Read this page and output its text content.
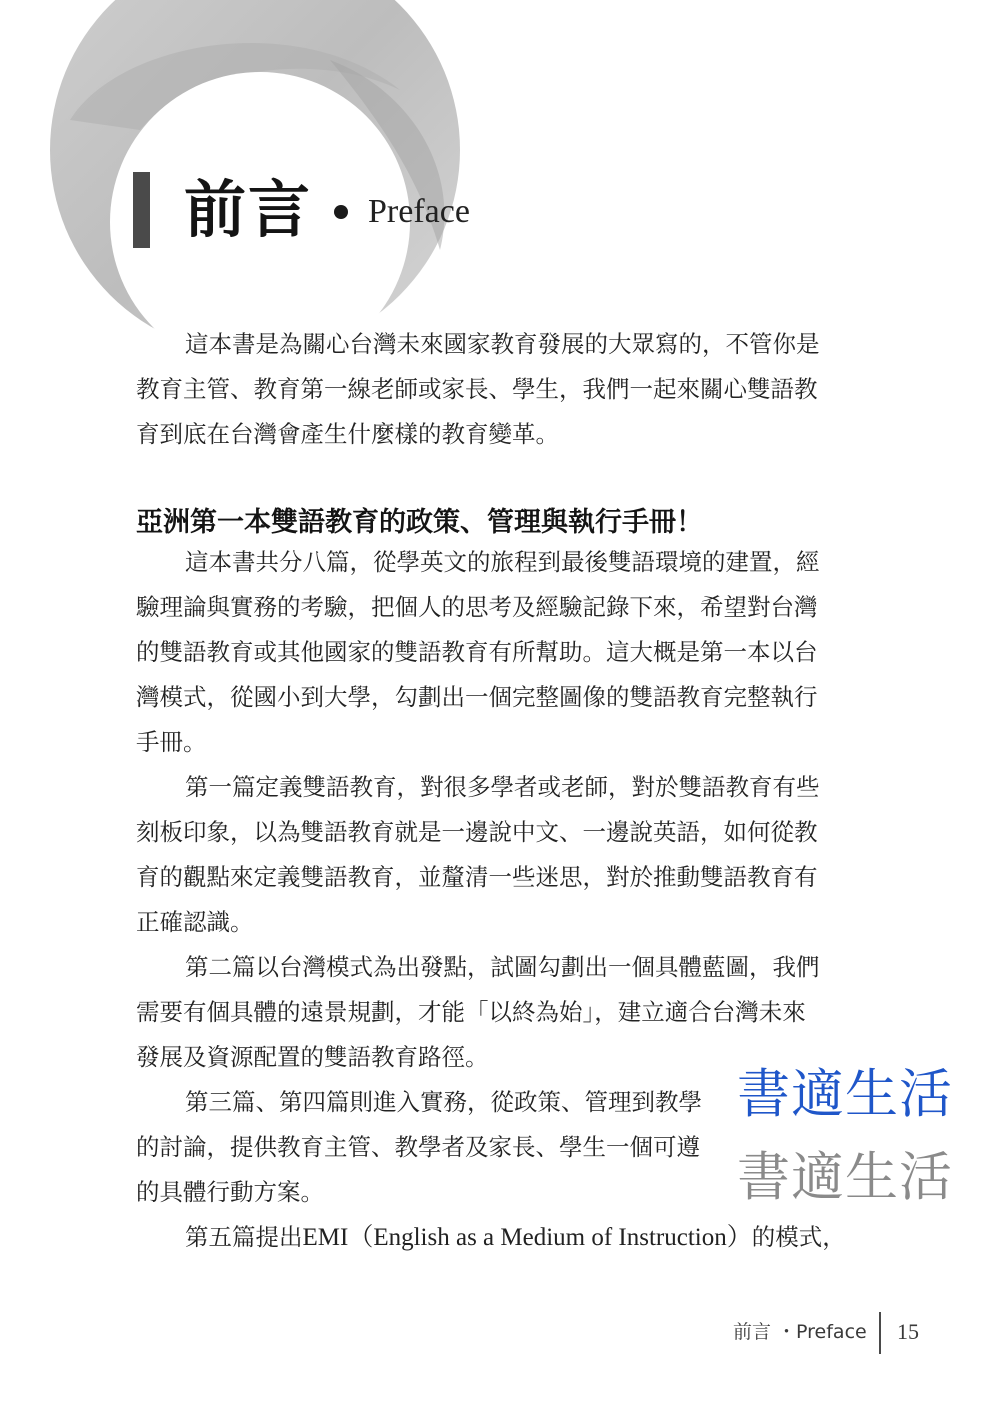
前言 Preface
這本書是為關心台灣未來國家教育發展的大眾寫的，不管你是
教育主管、教育第一線老師或家長、學生，我們一起來關心雙語教
育到底在台灣會產生什麼樣的教育變革。
亞洲第一本雙語教育的政策、管理與執行手冊！
這本書共分八篇，從學英文的旅程到最後雙語環境的建置，經
驗理論與實務的考驗，把個人的思考及經驗記錄下來，希望對台灣
的雙語教育或其他國家的雙語教育有所幫助。這大概是第一本以台
灣模式，從國小到大學，勾劃出一個完整圖像的雙語教育完整執行
手冊。
第一篇定義雙語教育，對很多學者或老師，對於雙語教育有些
刻板印象，以為雙語教育就是一邊說中文、一邊說英語，如何從教
育的觀點來定義雙語教育，並釐清一些迷思，對於推動雙語教育有
正確認識。
第二篇以台灣模式為出發點，試圖勾劃出一個具體藍圖，我們
需要有個具體的遠景規劃，才能「以終為始」，建立適合台灣未來
發展及資源配置的雙語教育路徑。
第三篇、第四篇則進入實務，從政策、管理到教學
的討論，提供教育主管、教學者及家長、學生一個可遵
的具體行動方案。
第五篇提出EMI（English as a Medium of Instruction）的模式，
書適生活
書適生活
前言 ・Preface 15
